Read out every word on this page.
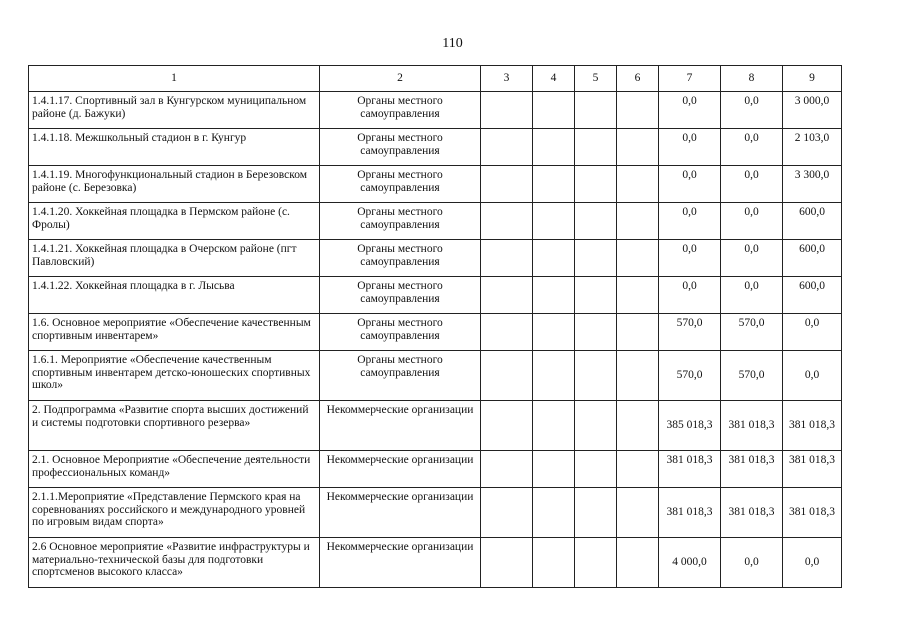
110
1	2	3	4	5	6	7	8	9
1.4.1.17. Спортивный зал в Кунгурском муниципальном районе (д. Бажуки)	Органы местного самоуправления					0,0	0,0	3 000,0
1.4.1.18. Межшкольный стадион в г. Кунгур	Органы местного самоуправления					0,0	0,0	2 103,0
1.4.1.19. Многофункциональный стадион в Березовском районе (с. Березовка)	Органы местного самоуправления					0,0	0,0	3 300,0
1.4.1.20. Хоккейная площадка в Пермском районе (с. Фролы)	Органы местного самоуправления					0,0	0,0	600,0
1.4.1.21. Хоккейная площадка в Очерском районе (пгт Павловский)	Органы местного самоуправления					0,0	0,0	600,0
1.4.1.22. Хоккейная площадка в г. Лысьва	Органы местного самоуправления					0,0	0,0	600,0
1.6. Основное мероприятие «Обеспечение качественным спортивным инвентарем»	Органы местного самоуправления					570,0	570,0	0,0
1.6.1. Мероприятие «Обеспечение качественным спортивным инвентарем детско-юношеских спортивных школ»	Органы местного самоуправления					570,0	570,0	0,0
2. Подпрограмма «Развитие спорта высших достижений и системы подготовки спортивного резерва»	Некоммерческие организации					385 018,3	381 018,3	381 018,3
2.1. Основное Мероприятие «Обеспечение деятельности профессиональных команд»	Некоммерческие организации					381 018,3	381 018,3	381 018,3
2.1.1.Мероприятие «Представление Пермского края на соревнованиях российского и международного уровней по игровым видам спорта»	Некоммерческие организации					381 018,3	381 018,3	381 018,3
2.6 Основное мероприятие «Развитие инфраструктуры и материально-технической базы для подготовки спортсменов высокого класса»	Некоммерческие организации					4 000,0	0,0	0,0
